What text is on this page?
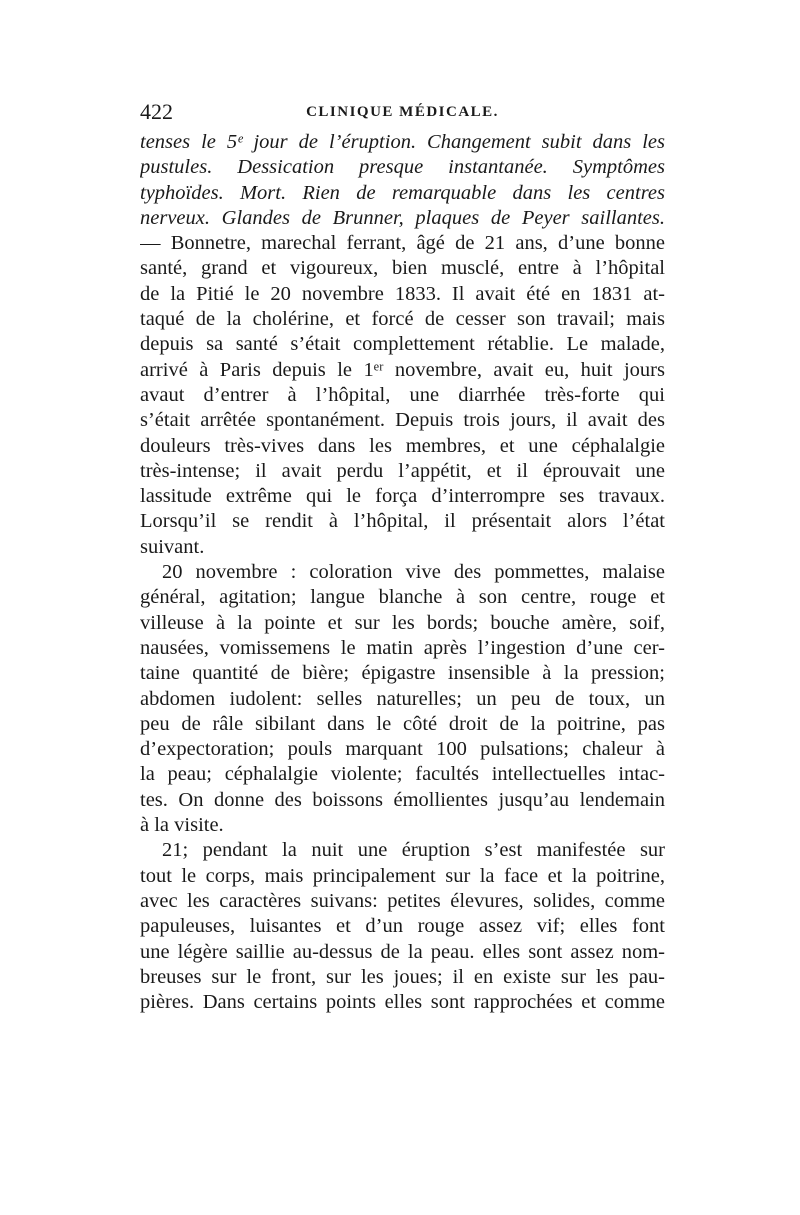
422	CLINIQUE MÉDICALE.
tenses le 5ᵉ jour de l’éruption. Changement subit dans les
pustules. Dessication presque instantanée. Symptômes
typhoïdes. Mort. Rien de remarquable dans les centres
nerveux. Glandes de Brunner, plaques de Peyer saillantes.
— Bonnetre, marechal ferrant, âgé de 21 ans, d’une bonne
santé, grand et vigoureux, bien musclé, entre à l’hôpital
de la Pitié le 20 novembre 1833. Il avait été en 1831 at-
taqué de la cholérine, et forcé de cesser son travail; mais
depuis sa santé s’était complettement rétablie. Le malade,
arrivé à Paris depuis le 1ᵉʳ novembre, avait eu, huit jours
avaut d’entrer à l’hôpital, une diarrhée très-forte qui
s’était arrêtée spontanément. Depuis trois jours, il avait des
douleurs très-vives dans les membres, et une céphalalgie
très-intense; il avait perdu l’appétit, et il éprouvait une
lassitude extrême qui le força d’interrompre ses travaux.
Lorsqu’il se rendit à l’hôpital, il présentait alors l’état
suivant.
20 novembre : coloration vive des pommettes, malaise
général, agitation; langue blanche à son centre, rouge et
villeuse à la pointe et sur les bords; bouche amère, soif,
nausées, vomissemens le matin après l’ingestion d’une cer-
taine quantité de bière; épigastre insensible à la pression;
abdomen iudolent: selles naturelles; un peu de toux, un
peu de râle sibilant dans le côté droit de la poitrine, pas
d’expectoration; pouls marquant 100 pulsations; chaleur à
la peau; céphalalgie violente; facultés intellectuelles intac-
tes. On donne des boissons émollientes jusqu’au lendemain
à la visite.
21; pendant la nuit une éruption s’est manifestée sur
tout le corps, mais principalement sur la face et la poitrine,
avec les caractères suivans: petites élevures, solides, comme
papuleuses, luisantes et d’un rouge assez vif; elles font
une légère saillie au-dessus de la peau. elles sont assez nom-
breuses sur le front, sur les joues; il en existe sur les pau-
pières. Dans certains points elles sont rapprochées et comme
